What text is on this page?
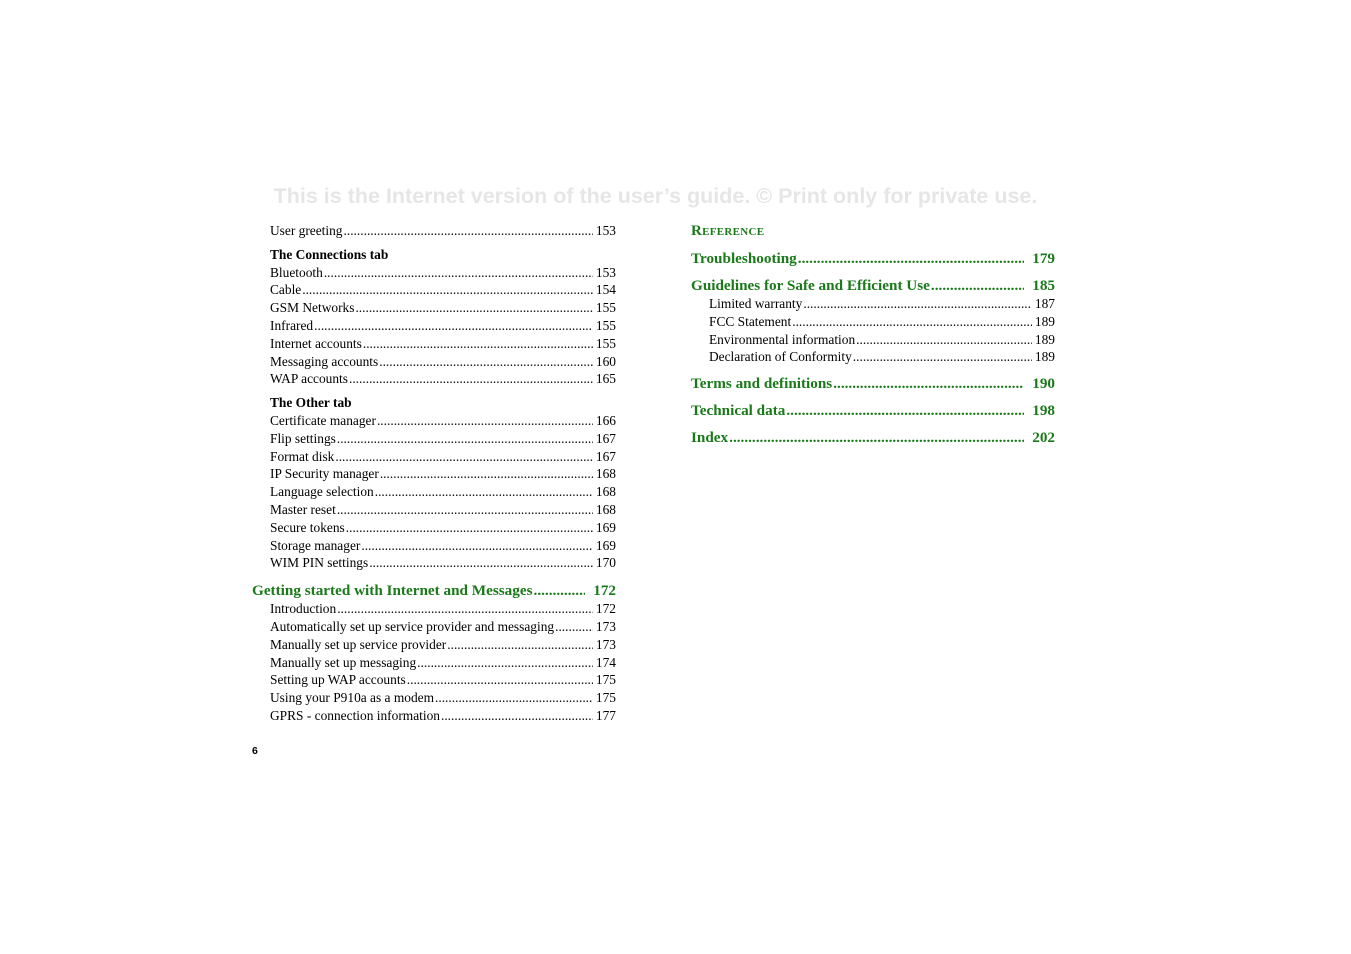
This is the Internet version of the user’s guide. © Print only for private use.
User greeting .....	153
The Connections tab
Bluetooth .....	153
Cable .....	154
GSM Networks .....	155
Infrared .....	155
Internet accounts .....	155
Messaging accounts .....	160
WAP accounts .....	165
The Other tab
Certificate manager .....	166
Flip settings .....	167
Format disk .....	167
IP Security manager .....	168
Language selection .....	168
Master reset .....	168
Secure tokens .....	169
Storage manager .....	169
WIM PIN settings .....	170
Getting started with Internet and Messages .....	172
Introduction .....	172
Automatically set up service provider and messaging .....	173
Manually set up service provider .....	173
Manually set up messaging .....	174
Setting up WAP accounts .....	175
Using your P910a as a modem .....	175
GPRS - connection information .....	177
Reference
Troubleshooting .....	179
Guidelines for Safe and Efficient Use .....	185
Limited warranty .....	187
FCC Statement .....	189
Environmental information .....	189
Declaration of Conformity .....	189
Terms and definitions .....	190
Technical data .....	198
Index .....	202
6
